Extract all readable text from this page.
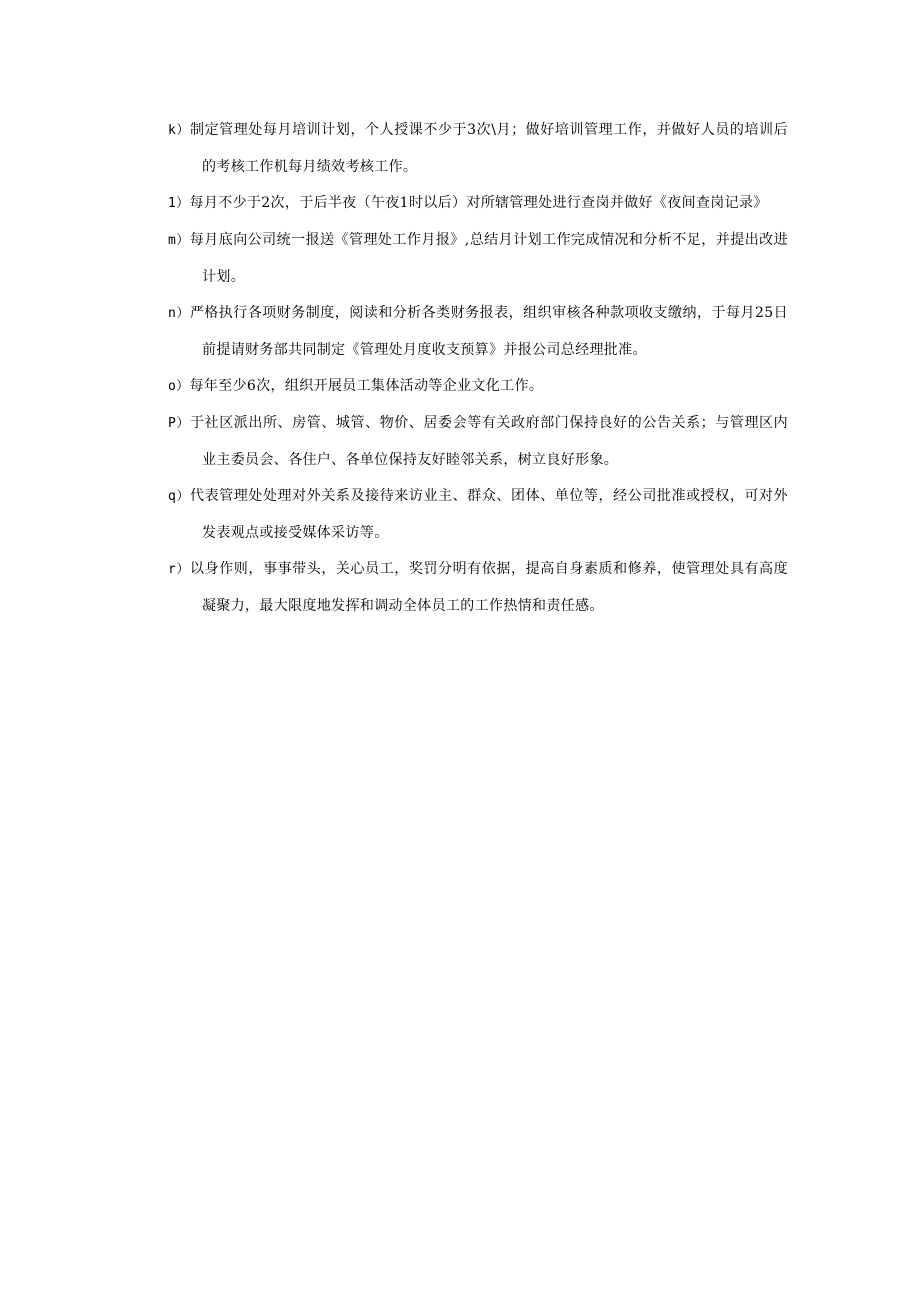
k）制定管理处每月培训计划，个人授课不少于3次\月；做好培训管理工作，并做好人员的培训后的考核工作机每月绩效考核工作。
1）每月不少于2次，于后半夜（午夜1时以后）对所辖管理处进行查岗并做好《夜间查岗记录》
m）每月底向公司统一报送《管理处工作月报》,总结月计划工作完成情况和分析不足，并提出改进计划。
n）严格执行各项财务制度，阅读和分析各类财务报表，组织审核各种款项收支缴纳，于每月25日前提请财务部共同制定《管理处月度收支预算》并报公司总经理批准。
o）每年至少6次，组织开展员工集体活动等企业文化工作。
P）于社区派出所、房管、城管、物价、居委会等有关政府部门保持良好的公告关系；与管理区内业主委员会、各住户、各单位保持友好睦邻关系，树立良好形象。
q）代表管理处处理对外关系及接待来访业主、群众、团体、单位等，经公司批准或授权，可对外发表观点或接受媒体采访等。
r）以身作则，事事带头，关心员工，奖罚分明有依据，提高自身素质和修养，使管理处具有高度凝聚力，最大限度地发挥和调动全体员工的工作热情和责任感。
